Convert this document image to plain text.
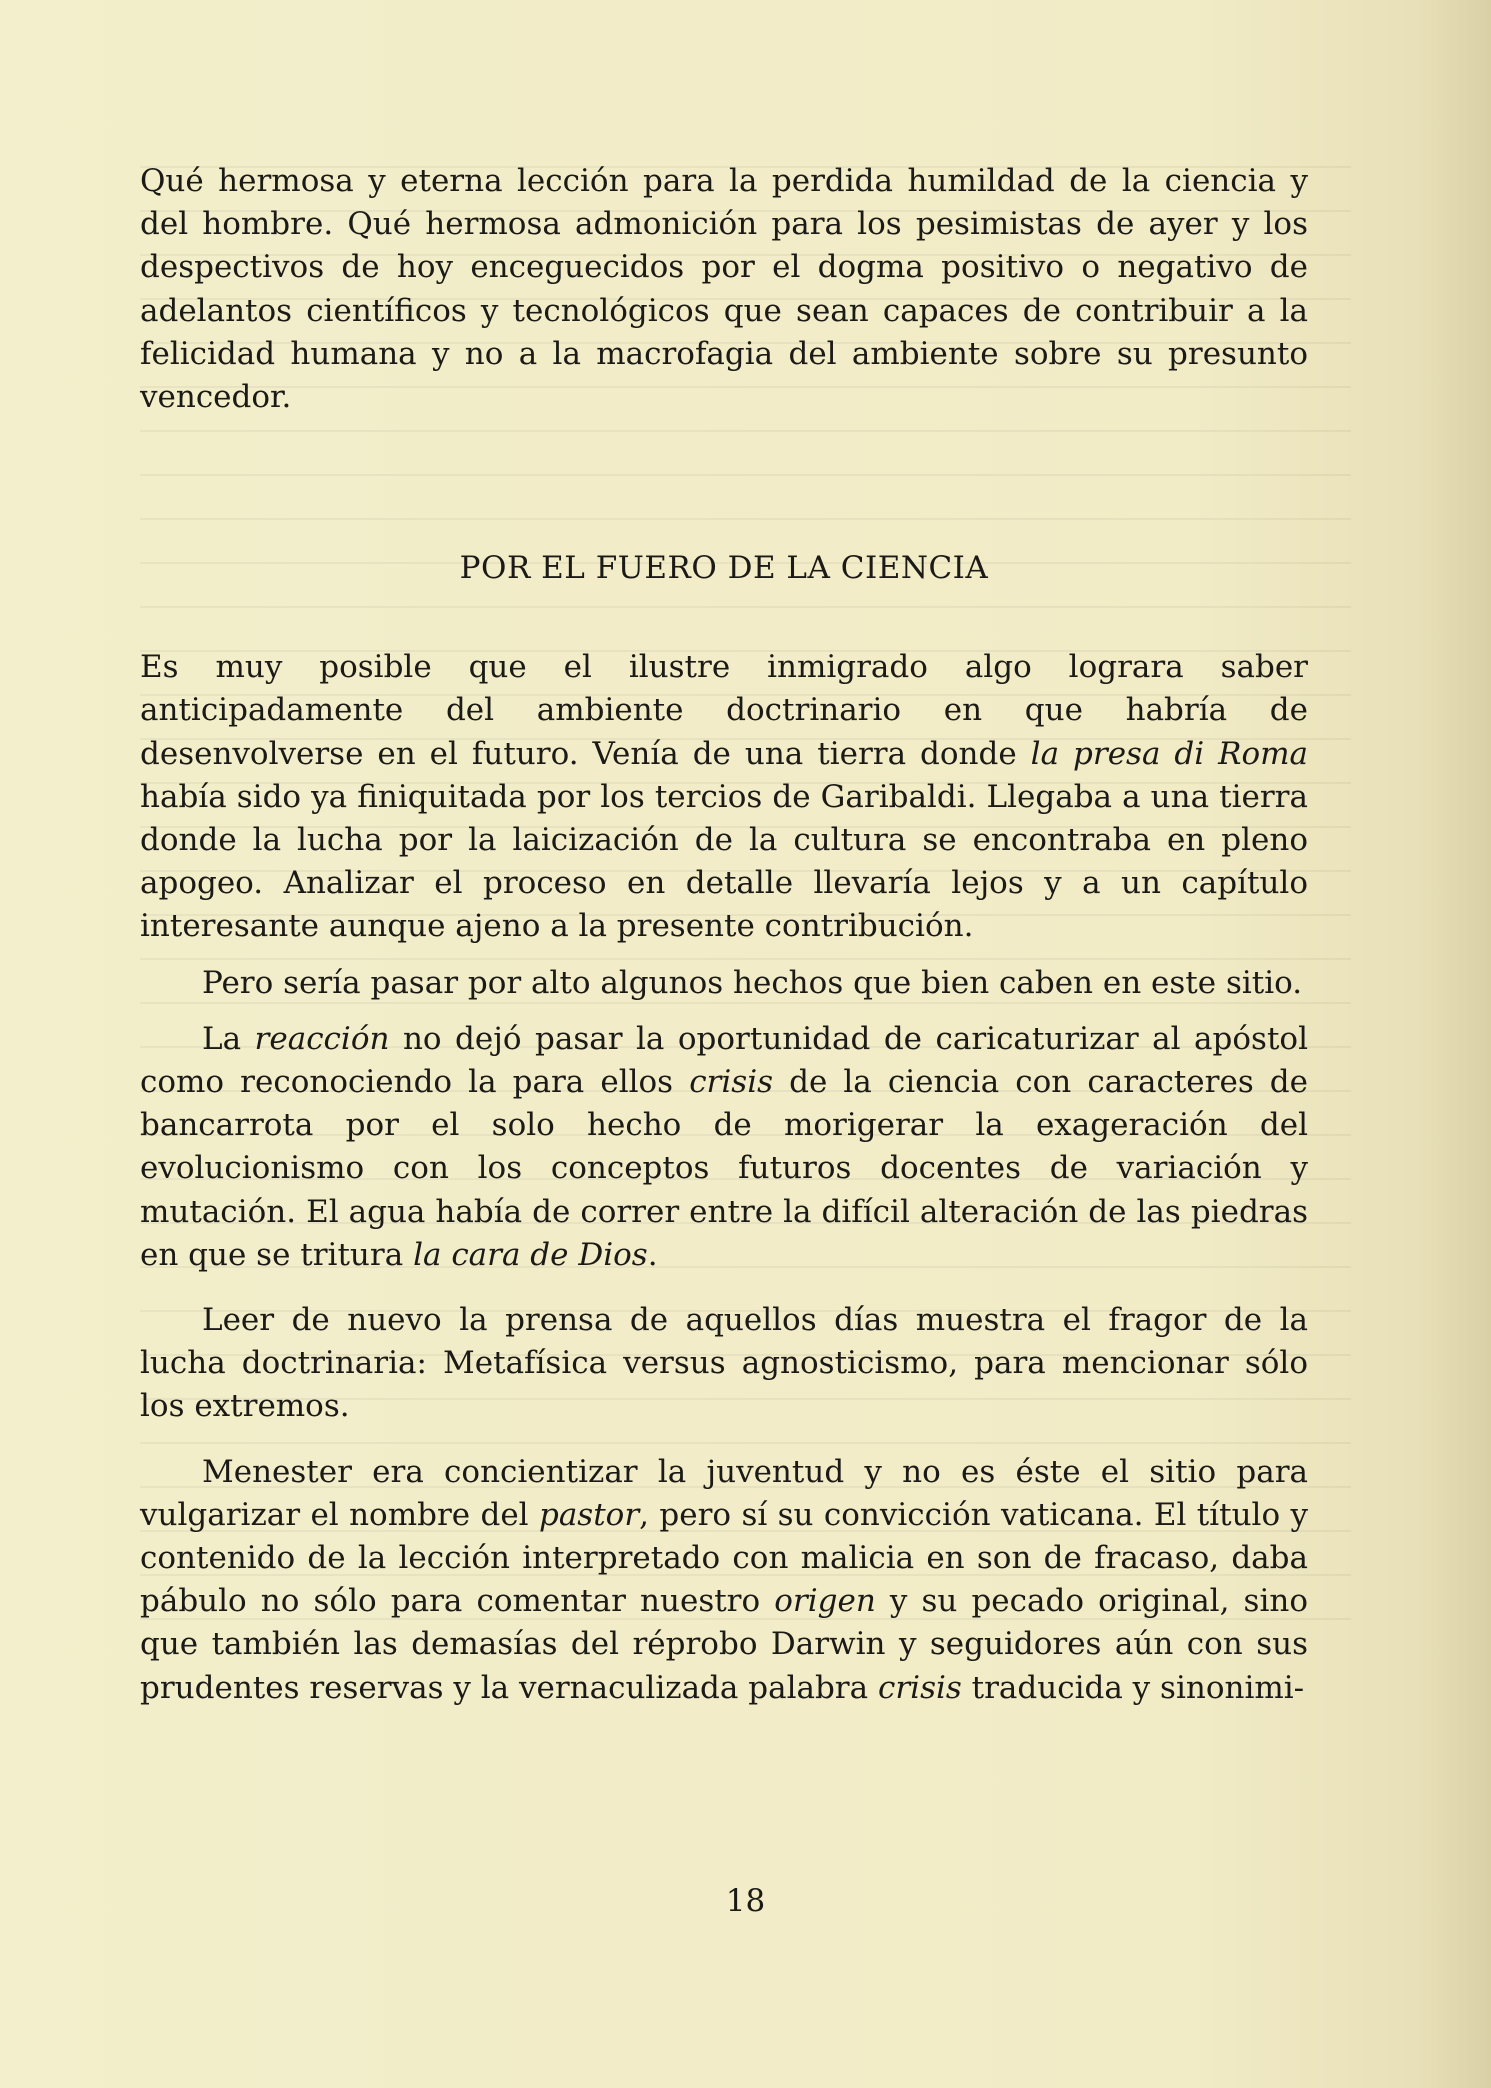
Qué hermosa y eterna lección para la perdida humildad de la ciencia y del hombre. Qué hermosa admonición para los pesimistas de ayer y los despectivos de hoy enceguecidos por el dogma positivo o negativo de adelantos científicos y tecnológicos que sean capaces de contribuir a la felicidad humana y no a la macrofagia del ambiente sobre su presunto vencedor.

POR EL FUERO DE LA CIENCIA

Es muy posible que el ilustre inmigrado algo lograra saber anticipadamente del ambiente doctrinario en que habría de desenvolverse en el futuro. Venía de una tierra donde la presa di Roma había sido ya finiquitada por los tercios de Garibaldi. Llegaba a una tierra donde la lucha por la laicización de la cultura se encontraba en pleno apogeo. Analizar el proceso en detalle llevaría lejos y a un capítulo interesante aunque ajeno a la presente contribución.

Pero sería pasar por alto algunos hechos que bien caben en este sitio.

La reacción no dejó pasar la oportunidad de caricaturizar al apóstol como reconociendo la para ellos crisis de la ciencia con caracteres de bancarrota por el solo hecho de morigerar la exageración del evolucionismo con los conceptos futuros docentes de variación y mutación. El agua había de correr entre la difícil alteración de las piedras en que se tritura la cara de Dios.

Leer de nuevo la prensa de aquellos días muestra el fragor de la lucha doctrinaria: Metafísica versus agnosticismo, para mencionar sólo los extremos.

Menester era concientizar la juventud y no es éste el sitio para vulgarizar el nombre del pastor, pero sí su convicción vaticana. El título y contenido de la lección interpretado con malicia en son de fracaso, daba pábulo no sólo para comentar nuestro origen y su pecado original, sino que también las demasías del réprobo Darwin y seguidores aún con sus prudentes reservas y la vernaculizada palabra crisis traducida y sinonimi-

18
